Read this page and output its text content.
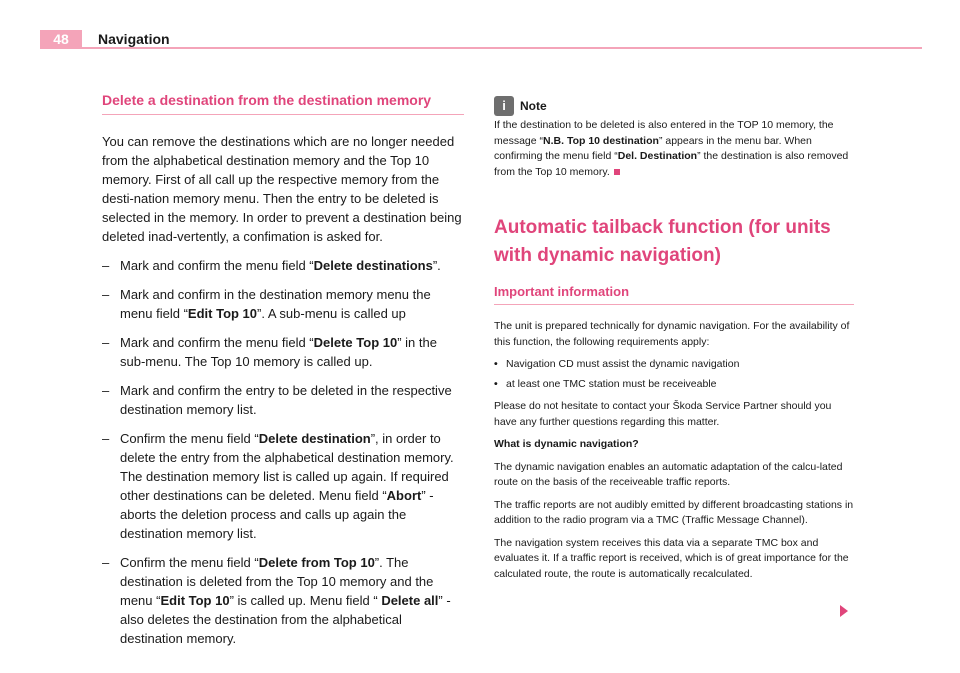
48	Navigation
Delete a destination from the destination memory

You can remove the destinations which are no longer needed from the alphabetical destination memory and the Top 10 memory. First of all call up the respective memory from the desti-nation memory menu. Then the entry to be deleted is selected in the memory. In order to prevent a destination being deleted inad-vertently, a confimation is asked for.

– Mark and confirm the menu field “Delete destinations”.

– Mark and confirm in the destination memory menu the menu field “Edit Top 10”. A sub-menu is called up

– Mark and confirm the menu field “Delete Top 10” in the sub-menu. The Top 10 memory is called up.

– Mark and confirm the entry to be deleted in the respective destination memory list.

– Confirm the menu field “Delete destination”, in order to delete the entry from the alphabetical destination memory. The destination memory list is called up again. If required other destinations can be deleted. Menu field “Abort” - aborts the deletion process and calls up again the destination memory list.

– Confirm the menu field “Delete from Top 10”. The destination is deleted from the Top 10 memory and the menu “Edit Top 10” is called up. Menu field “ Delete all” - also deletes the destination from the alphabetical destination memory.

i	Note

If the destination to be deleted is also entered in the TOP 10 memory, the message “N.B. Top 10 destination” appears in the menu bar. When confirming the menu field “Del. Destination” the destination is also removed from the Top 10 memory.

Automatic tailback function (for units with dynamic navigation)
Important information

The unit is prepared technically for dynamic navigation. For the availability of this function, the following requirements apply:

• Navigation CD must assist the dynamic navigation

• at least one TMC station must be receiveable

Please do not hesitate to contact your Škoda Service Partner should you have any further questions regarding this matter.

What is dynamic navigation?

The dynamic navigation enables an automatic adaptation of the calcu-lated route on the basis of the receiveable traffic reports.

The traffic reports are not audibly emitted by different broadcasting stations in addition to the radio program via a TMC (Traffic Message Channel).

The navigation system receives this data via a separate TMC box and evaluates it. If a traffic report is received, which is of great importance for the calculated route, the route is automatically recalculated.
